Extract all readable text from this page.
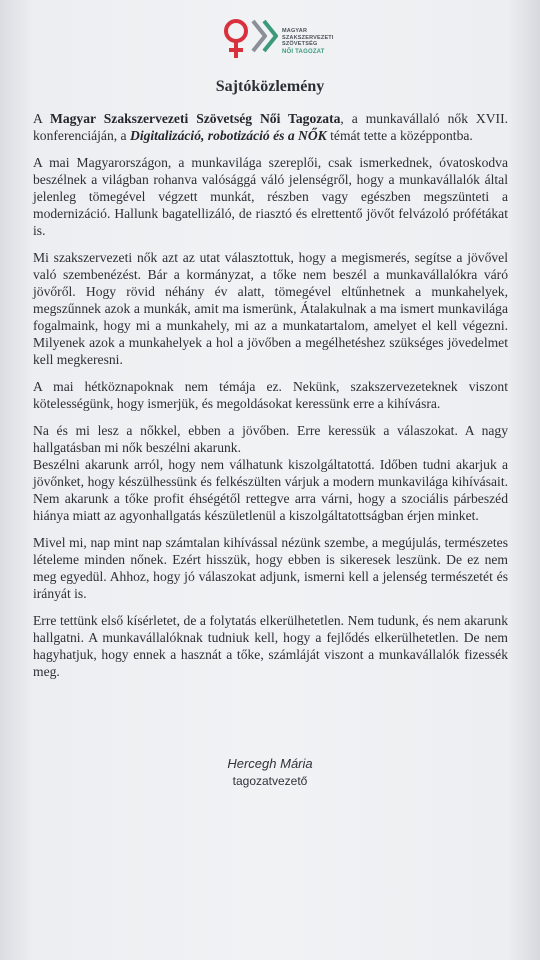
MAGYAR
SZAKSZERVEZETI
SZÖVETSÉG
NŐI TAGOZAT
Sajtóközlemény

A Magyar Szakszervezeti Szövetség Női Tagozata, a munkavállaló nők XVII. konferenciáján, a Digitalizáció, robotizáció és a NŐK témát tette a középpontba.

A mai Magyarországon, a munkavilága szereplői, csak ismerkednek, óvatoskodva beszélnek a világban rohanva valósággá váló jelenségről, hogy a munkavállalók által jelenleg tömegével végzett munkát, részben vagy egészben megszünteti a modernizáció. Hallunk bagatellizáló, de riasztó és elrettentő jövőt felvázoló prófétákat is.

Mi szakszervezeti nők azt az utat választottuk, hogy a megismerés, segítse a jövővel való szembenézést. Bár a kormányzat, a tőke nem beszél a munkavállalókra váró jövőről. Hogy rövid néhány év alatt, tömegével eltűnhetnek a munkahelyek, megszűnnek azok a munkák, amit ma ismerünk, Átalakulnak a ma ismert munkavilága fogalmaink, hogy mi a munkahely, mi az a munkatartalom, amelyet el kell végezni. Milyenek azok a munkahelyek a hol a jövőben a megélhetéshez szükséges jövedelmet kell megkeresni.

A mai hétköznapoknak nem témája ez. Nekünk, szakszervezeteknek viszont kötelességünk, hogy ismerjük, és megoldásokat keressünk erre a kihívásra.

Na és mi lesz a nőkkel, ebben a jövőben. Erre keressük a válaszokat. A nagy hallgatásban mi nők beszélni akarunk.

Beszélni akarunk arról, hogy nem válhatunk kiszolgáltatottá. Időben tudni akarjuk a jövőnket, hogy készülhessünk és felkészülten várjuk a modern munkavilága kihívásait. Nem akarunk a tőke profit éhségétől rettegve arra várni, hogy a szociális párbeszéd hiánya miatt az agyonhallgatás készületlenül a kiszolgáltatottságban érjen minket.

Mivel mi, nap mint nap számtalan kihívással nézünk szembe, a megújulás, természetes lételeme minden nőnek. Ezért hisszük, hogy ebben is sikeresek leszünk. De ez nem meg egyedül. Ahhoz, hogy jó válaszokat adjunk, ismerni kell a jelenség természetét és irányát is.

Erre tettünk első kísérletet, de a folytatás elkerülhetetlen. Nem tudunk, és nem akarunk hallgatni. A munkavállalóknak tudniuk kell, hogy a fejlődés elkerülhetetlen. De nem hagyhatjuk, hogy ennek a hasznát a tőke, számláját viszont a munkavállalók fizessék meg.

Hercegh Mária
tagozatvezető
